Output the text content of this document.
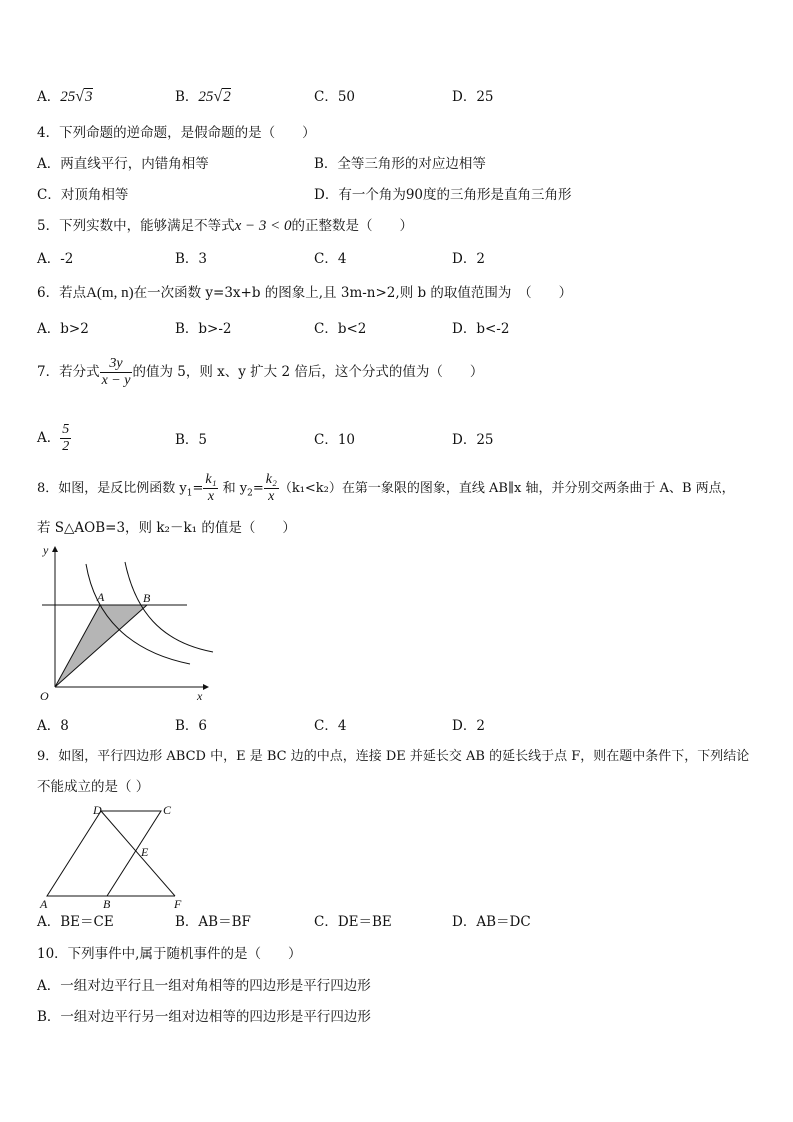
A．25√3	B．25√2	C．50	D．25
4．下列命题的逆命题，是假命题的是（　　）
A．两直线平行，内错角相等	B．全等三角形的对应边相等
C．对顶角相等	D．有一个角为90度的三角形是直角三角形
5．下列实数中，能够满足不等式x − 3 < 0的正整数是（　　）
A．-2	B．3	C．4	D．2
6．若点A(m, n)在一次函数 y=3x+b 的图象上,且 3m-n>2,则 b 的取值范围为　（　　）
A．b>2	B．b>-2	C．b<2	D．b<-2
7．若分式 $\frac{3y}{x - y}$ 的值为 5，则 x、y 扩大 2 倍后，这个分式的值为（　　）
A． $\frac{5}{2}$	B．5	C．10	D．25
8．如图，是反比例函数 $y_1= \frac{\text{k₁}}{x}$ 和 $y_2= \frac{\text{k₂}}{x} (k_1<k_2)$在第一象限的图象，直线 AB∥x 轴，并分别交两条曲于 A、B 两点，
若 S△AOB=3，则 k₂－k₁ 的值是（　　）
A	B
O	x
y
A．8	B．6	C．4	D．2
9．如图，平行四边形 ABCD 中，E 是 BC 边的中点，连接 DE 并延长交 AB 的延长线于点 F，则在题中条件下，下列结论
不能成立的是（ ）
A	B
C
D
E
F
A．BE＝CE	B．AB＝BF	C．DE＝BE	D．AB＝DC
10．下列事件中,属于随机事件的是（　　）
A．一组对边平行且一组对角相等的四边形是平行四边形
B．一组对边平行另一组对边相等的四边形是平行四边形
